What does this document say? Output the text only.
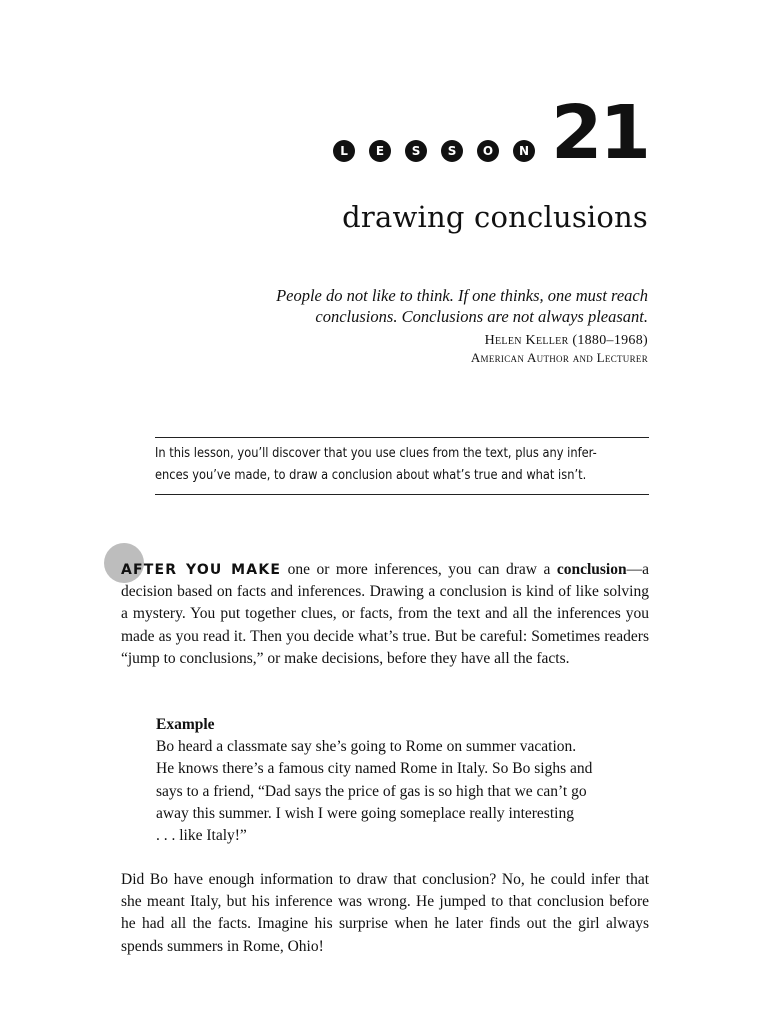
L	E	S	S	O	N 21
drawing conclusions

People do not like to think. If one thinks, one must reach

conclusions. Conclusions are not always pleasant.

Helen Keller (1880–1968)
American Author and Lecturer

In this lesson, you’ll discover that you use clues from the text, plus any infer-

ences you’ve made, to draw a conclusion about what’s true and what isn’t.

AFTER YOU MAKE one or more inferences, you can draw a conclusion—a decision based on facts and inferences. Drawing a conclusion is kind of like solving a mystery. You put together clues, or facts, from the text and all the inferences you made as you read it. Then you decide what’s true. But be careful: Sometimes readers “jump to conclusions,” or make decisions, before they have all the facts.

Example

Bo heard a classmate say she’s going to Rome on summer vacation.

He knows there’s a famous city named Rome in Italy. So Bo sighs and

says to a friend, “Dad says the price of gas is so high that we can’t go

away this summer. I wish I were going someplace really interesting

. . . like Italy!”

Did Bo have enough information to draw that conclusion? No, he could infer that she meant Italy, but his inference was wrong. He jumped to that conclusion before he had all the facts. Imagine his surprise when he later finds out the girl always spends summers in Rome, Ohio!
